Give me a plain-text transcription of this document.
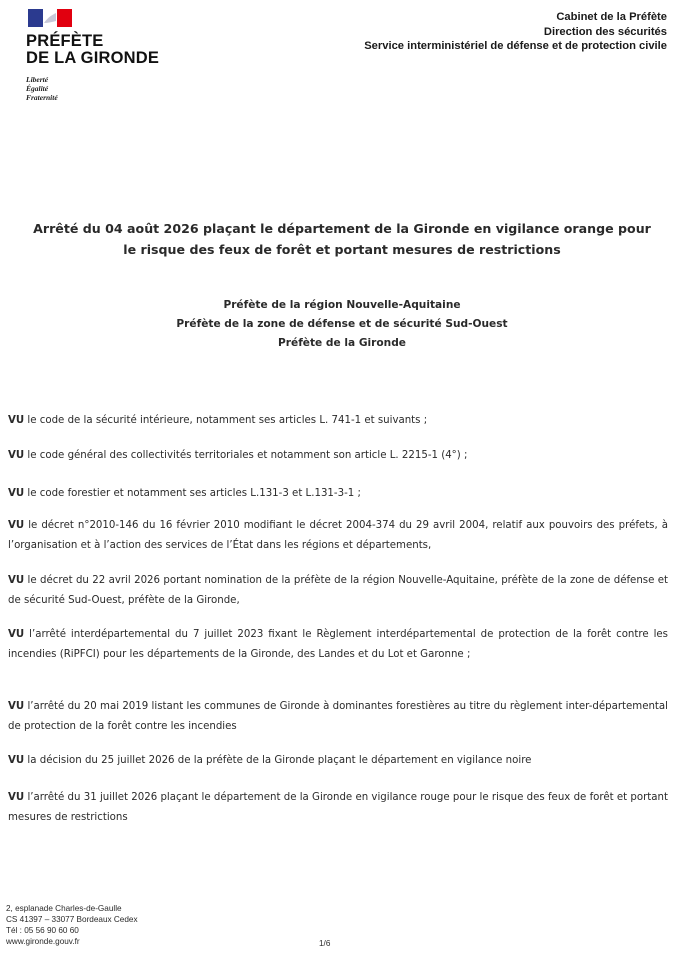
PRÉFÈTE
DE LA GIRONDE
Liberté
Égalité
Fraternité
Cabinet de la Préfète
Direction des sécurités
Service interministériel de défense et de protection civile
Arrêté du 04 août 2026 plaçant le département de la Gironde en vigilance orange pour
le risque des feux de forêt et portant mesures de restrictions
Préfète de la région Nouvelle-Aquitaine
Préfète de la zone de défense et de sécurité Sud-Ouest
Préfète de la Gironde
VU le code de la sécurité intérieure, notamment ses articles L. 741-1 et suivants ;
VU le code général des collectivités territoriales et notamment son article L. 2215-1 (4°) ;
VU le code forestier et notamment ses articles L.131-3 et L.131-3-1 ;
VU le décret n°2010-146 du 16 février 2010 modifiant le décret 2004-374 du 29 avril 2004, relatif aux pouvoirs des préfets, à l’organisation et à l’action des services de l’État dans les régions et départements,
VU le décret du 22 avril 2026 portant nomination de la préfète de la région Nouvelle-Aquitaine, préfète de la zone de défense et de sécurité Sud-Ouest, préfète de la Gironde,
VU l’arrêté interdépartemental du 7 juillet 2023 fixant le Règlement interdépartemental de protection de la forêt contre les incendies (RiPFCI) pour les départements de la Gironde, des Landes et du Lot et Garonne ;
VU l’arrêté du 20 mai 2019 listant les communes de Gironde à dominantes forestières au titre du règlement inter-départemental de protection de la forêt contre les incendies
VU la décision du 25 juillet 2026 de la préfète de la Gironde plaçant le département en vigilance noire
VU l’arrêté du 31 juillet 2026 plaçant le département de la Gironde en vigilance rouge pour le risque des feux de forêt et portant mesures de restrictions
2, esplanade Charles-de-Gaulle
CS 41397 – 33077 Bordeaux Cedex
Tél : 05 56 90 60 60
www.gironde.gouv.fr	1/6
